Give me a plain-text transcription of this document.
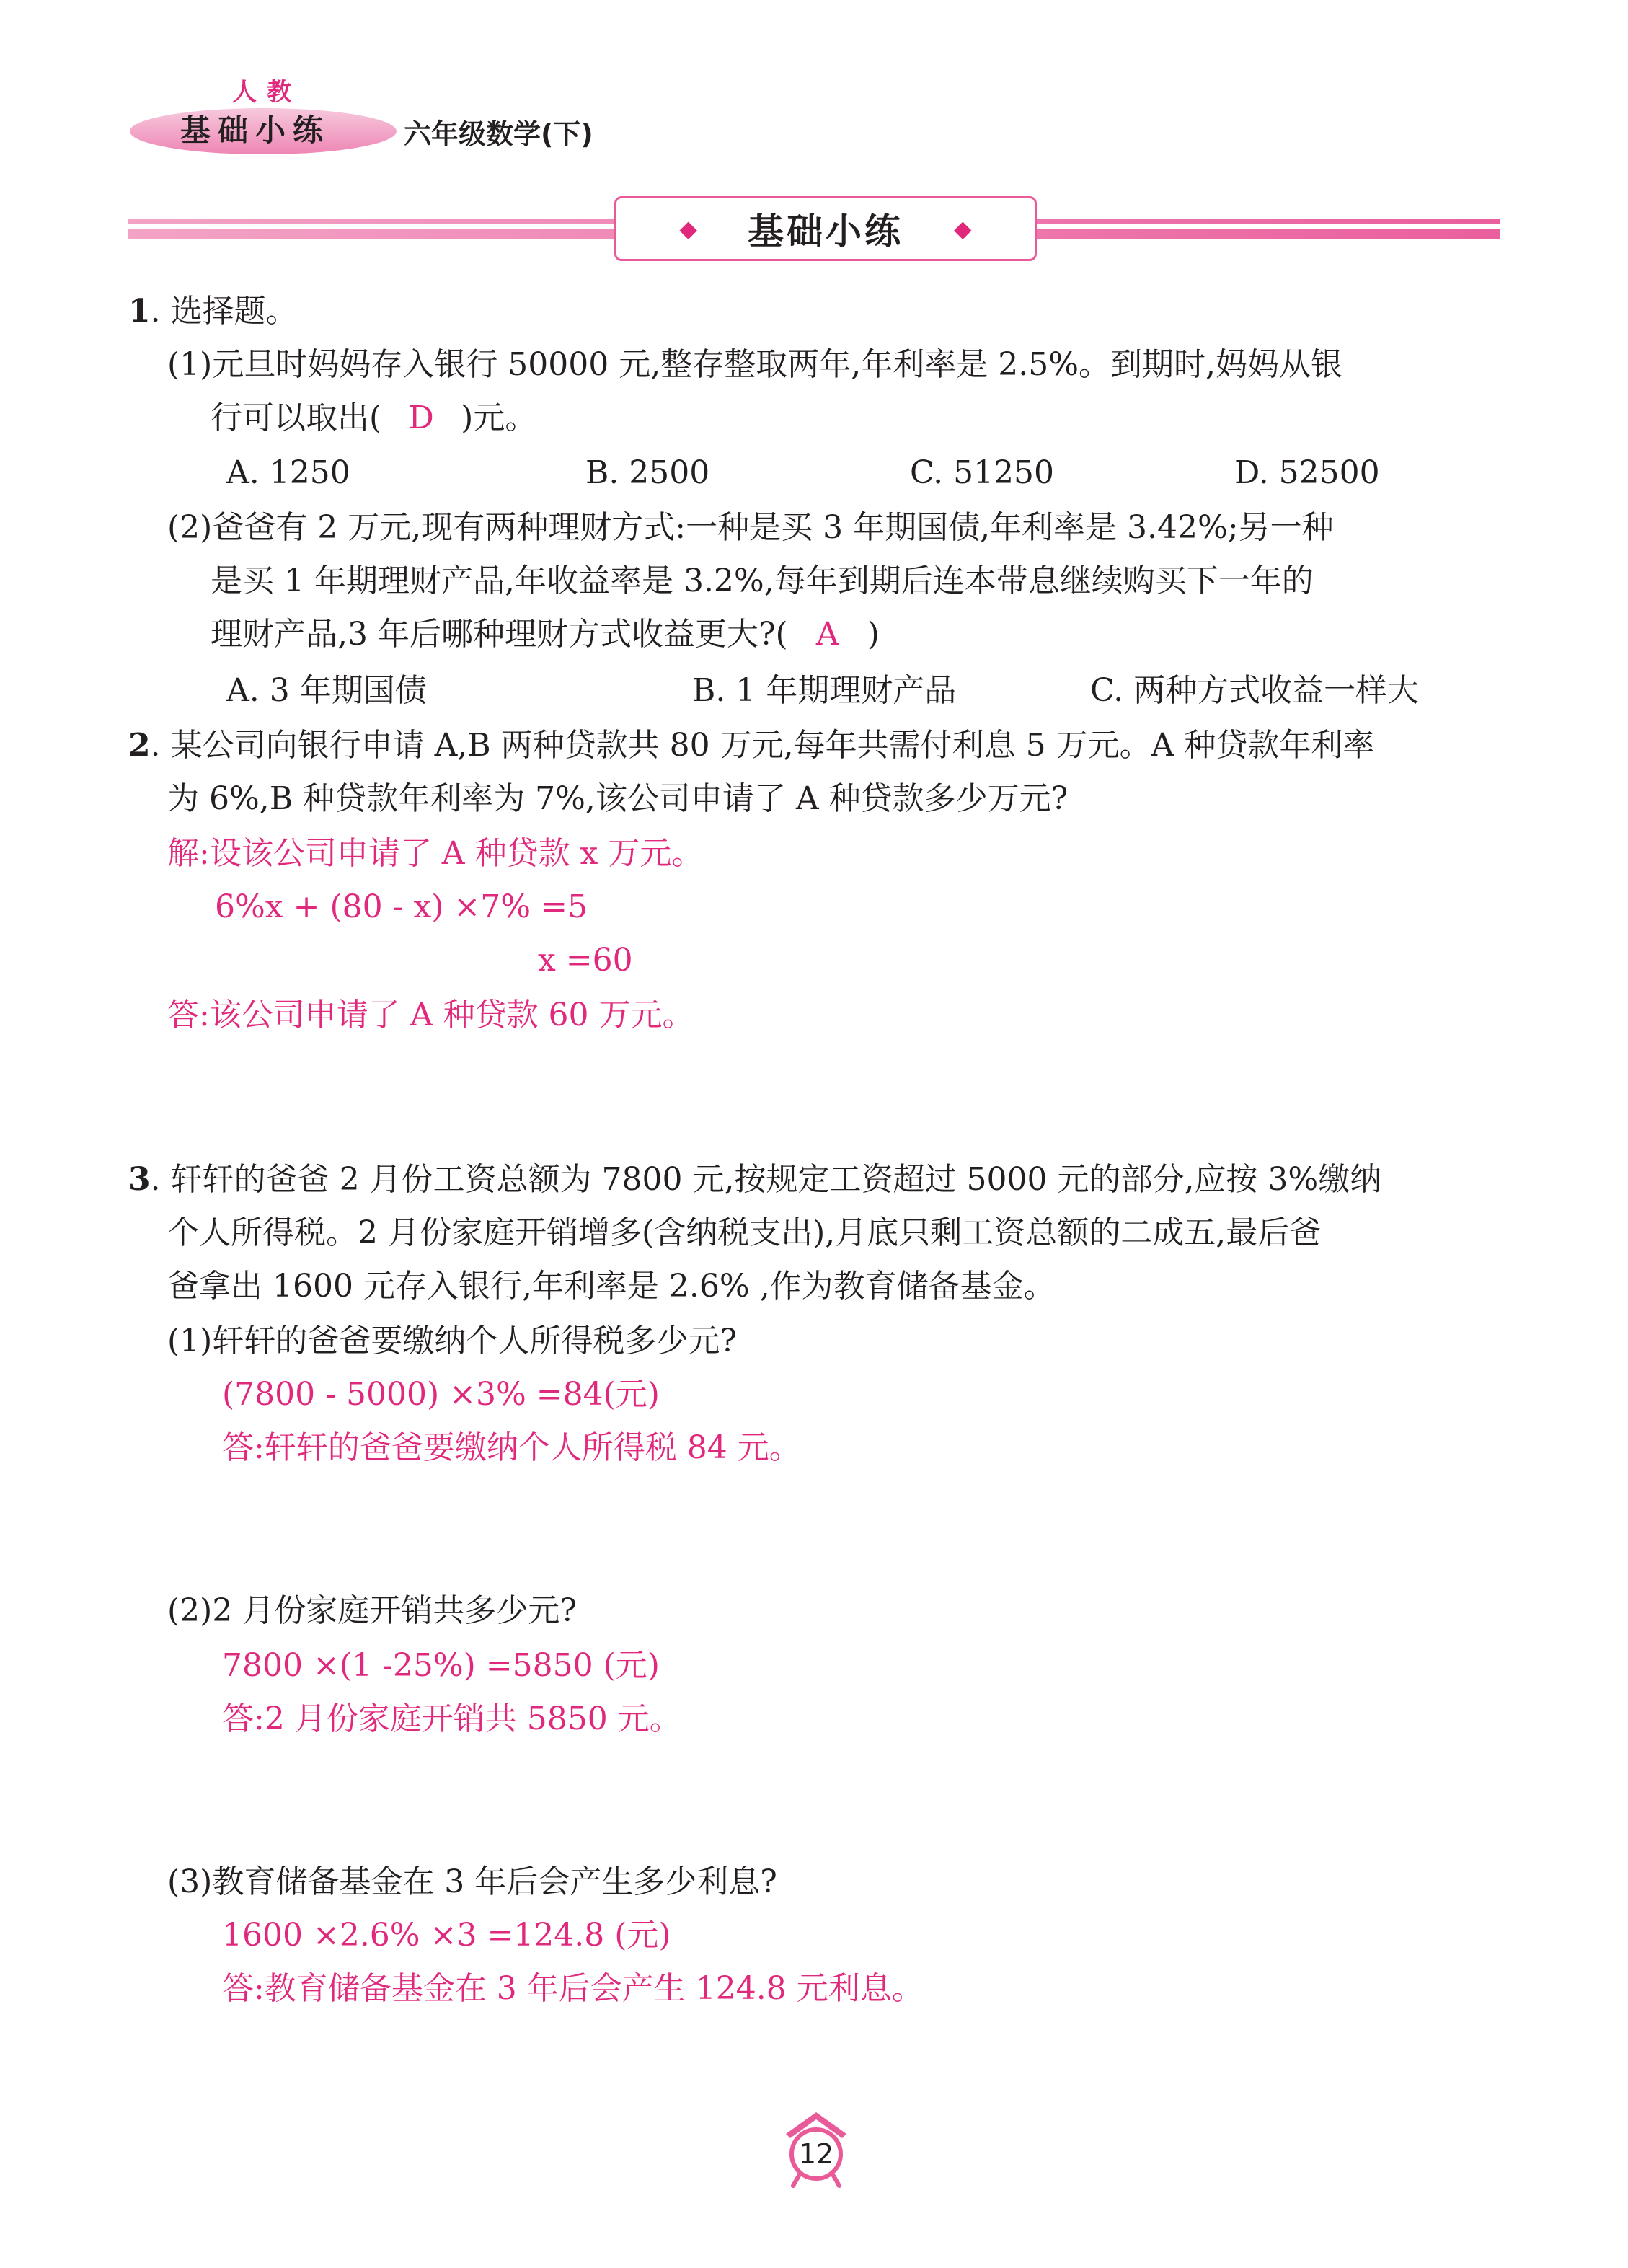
人教
基础小练	六年级数学(下)
◆ 基础小练 ◆
1. 选择题。
(1)元旦时妈妈存入银行 50000 元,整存整取两年,年利率是 2.5%。到期时,妈妈从银
行可以取出( D )元。
A. 1250	B. 2500	C. 51250	D. 52500
(2)爸爸有 2 万元,现有两种理财方式:一种是买 3 年期国债,年利率是 3.42%;另一种
是买 1 年期理财产品,年收益率是 3.2%,每年到期后连本带息继续购买下一年的
理财产品,3 年后哪种理财方式收益更大?( A )
A. 3 年期国债	B. 1 年期理财产品	C. 两种方式收益一样大
2. 某公司向银行申请 A,B 两种贷款共 80 万元,每年共需付利息 5 万元。A 种贷款年利率
为 6%,B 种贷款年利率为 7%,该公司申请了 A 种贷款多少万元?
解:设该公司申请了 A 种贷款 x 万元。
6%x + (80 - x) ×7% =5
x =60
答:该公司申请了 A 种贷款 60 万元。
3. 轩轩的爸爸 2 月份工资总额为 7800 元,按规定工资超过 5000 元的部分,应按 3%缴纳
个人所得税。2 月份家庭开销增多(含纳税支出),月底只剩工资总额的二成五,最后爸
爸拿出 1600 元存入银行,年利率是 2.6% ,作为教育储备基金。
(1)轩轩的爸爸要缴纳个人所得税多少元?
(7800 - 5000) ×3% =84(元)
答:轩轩的爸爸要缴纳个人所得税 84 元。
(2)2 月份家庭开销共多少元?
7800 ×(1 -25%) =5850 (元)
答:2 月份家庭开销共 5850 元。
(3)教育储备基金在 3 年后会产生多少利息?
1600 ×2.6% ×3 =124.8 (元)
答:教育储备基金在 3 年后会产生 124.8 元利息。
12
